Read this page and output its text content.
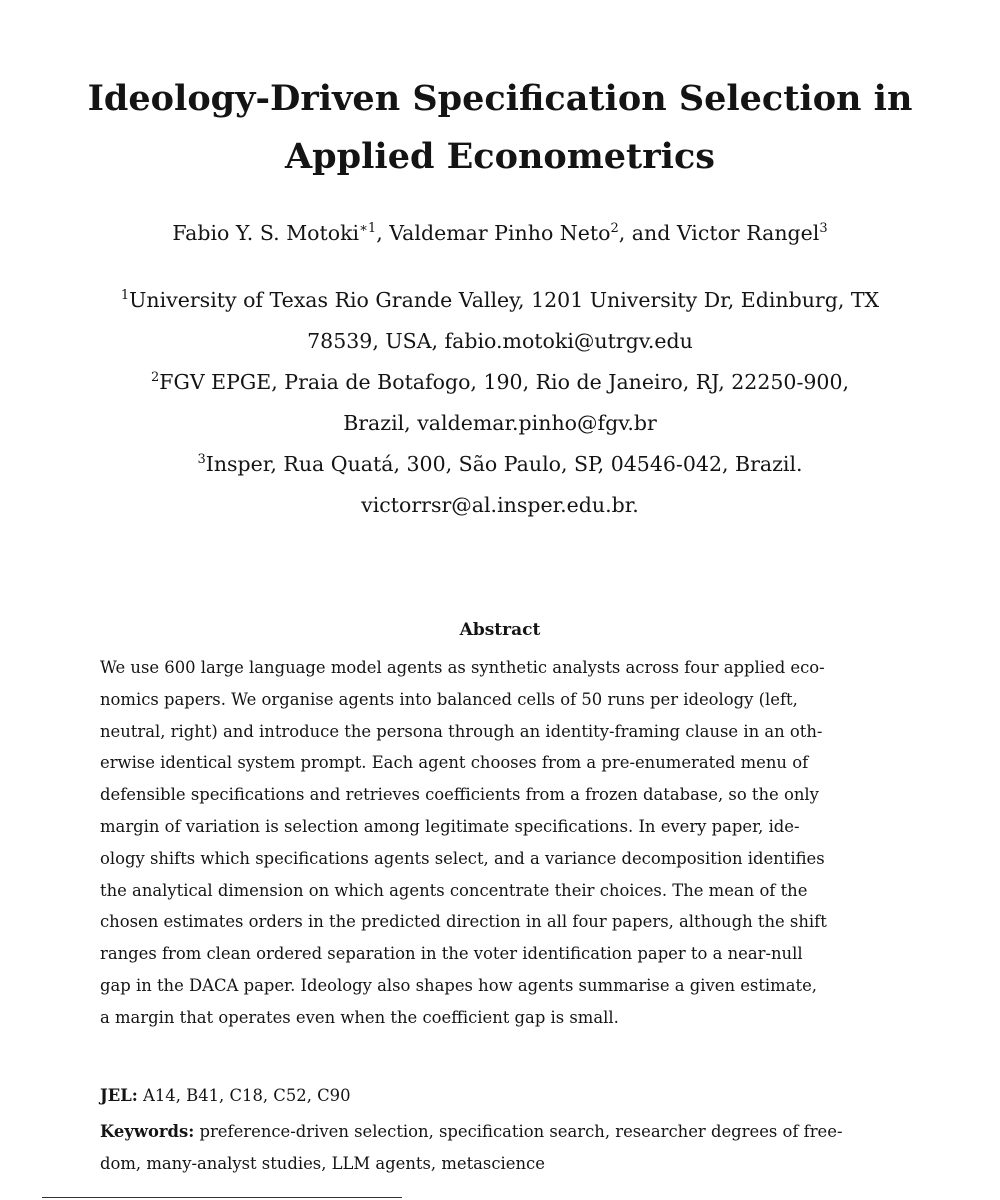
Ideology-Driven Specification Selection in
Applied Econometrics
Fabio Y. S. Motoki$^{∗1}$, Valdemar Pinho Neto$^2$, and Victor Rangel$^3$
$^1$University of Texas Rio Grande Valley, 1201 University Dr, Edinburg, TX
78539, USA, fabio.motoki@utrgv.edu
$^2$FGV EPGE, Praia de Botafogo, 190, Rio de Janeiro, RJ, 22250-900,
Brazil, valdemar.pinho@fgv.br
$^3$Insper, Rua Quatá, 300, São Paulo, SP, 04546-042, Brazil.
victorrsr@al.insper.edu.br.
Abstract
We use 600 large language model agents as synthetic analysts across four applied eco-
nomics papers. We organise agents into balanced cells of 50 runs per ideology (left,
neutral, right) and introduce the persona through an identity-framing clause in an oth-
erwise identical system prompt. Each agent chooses from a pre-enumerated menu of
defensible specifications and retrieves coefficients from a frozen database, so the only
margin of variation is selection among legitimate specifications. In every paper, ide-
ology shifts which specifications agents select, and a variance decomposition identifies
the analytical dimension on which agents concentrate their choices. The mean of the
chosen estimates orders in the predicted direction in all four papers, although the shift
ranges from clean ordered separation in the voter identification paper to a near-null
gap in the DACA paper. Ideology also shapes how agents summarise a given estimate,
a margin that operates even when the coefficient gap is small.
JEL: A14, B41, C18, C52, C90
Keywords: preference-driven selection, specification search, researcher degrees of free-
dom, many-analyst studies, LLM agents, metascience
